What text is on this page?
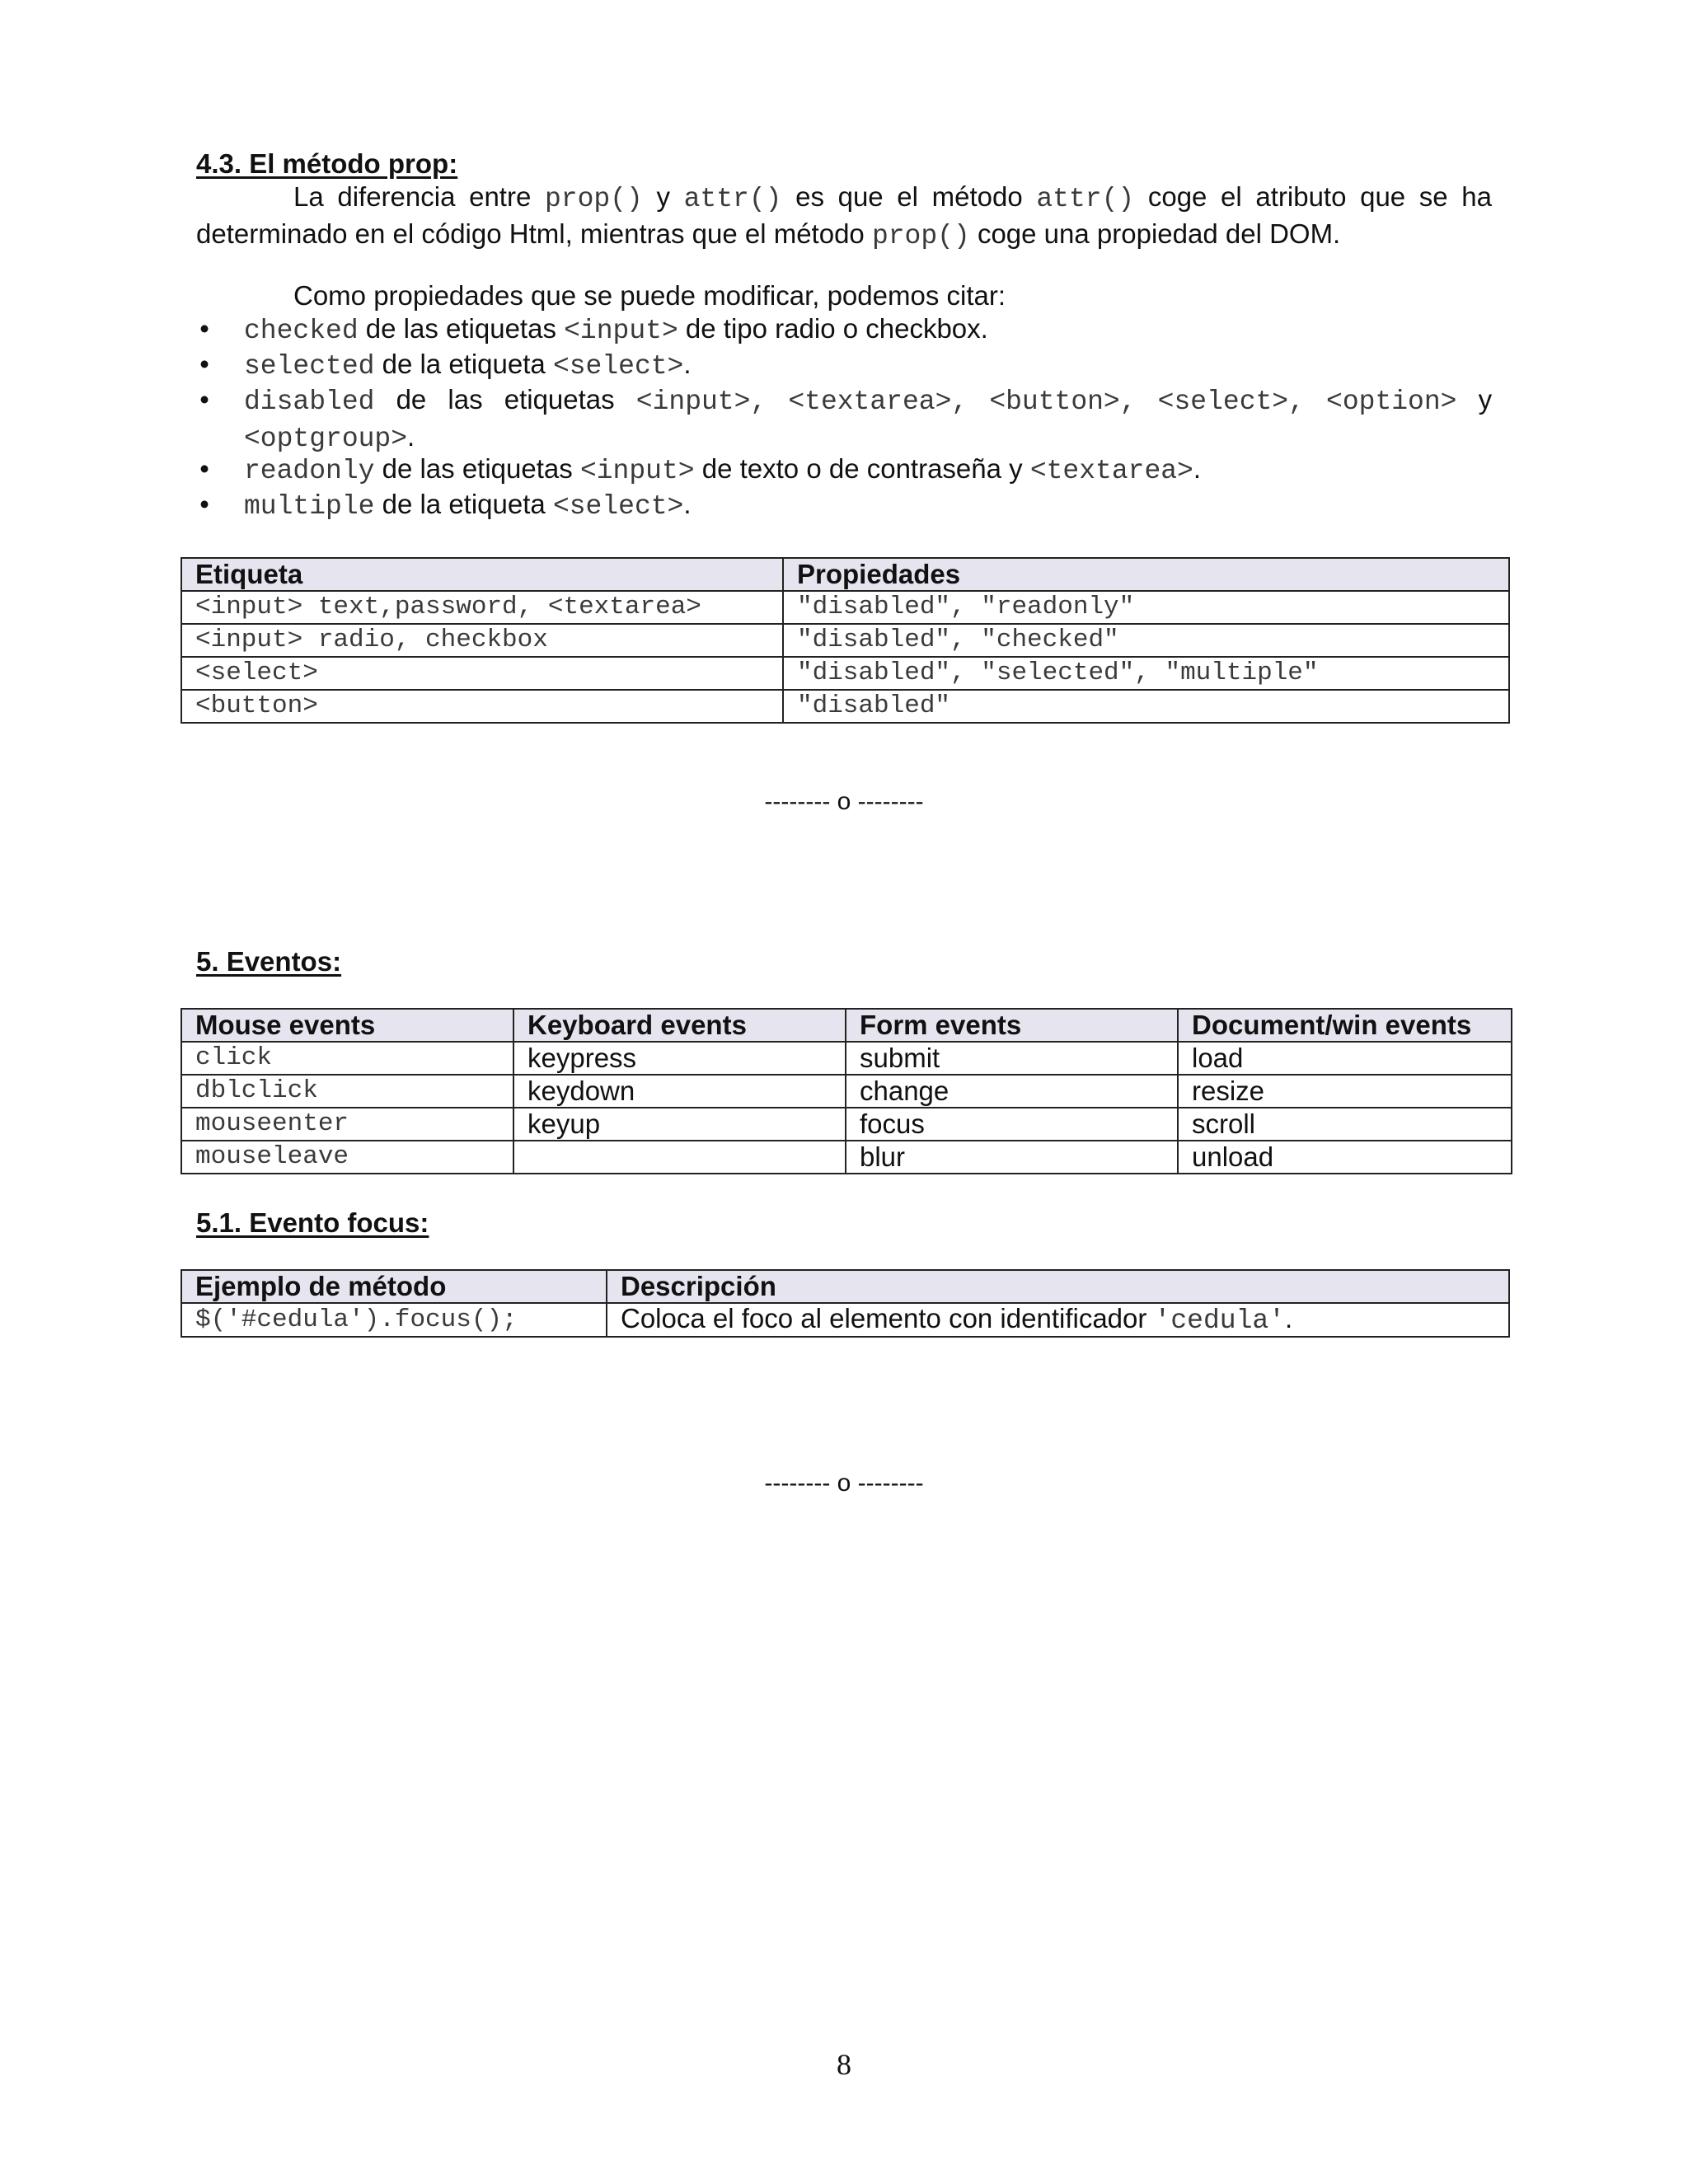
4.3. El método prop:
La diferencia entre prop() y attr() es que el método attr() coge el atributo que se ha
determinado en el código Html, mientras que el método prop() coge una propiedad del DOM.
Como propiedades que se puede modificar, podemos citar:
• checked de las etiquetas <input> de tipo radio o checkbox.
• selected de la etiqueta <select>.
• disabled de las etiquetas <input>, <textarea>, <button>, <select>, <option> y
<optgroup>.
• readonly de las etiquetas <input> de texto o de contraseña y <textarea>.
• multiple de la etiqueta <select>.
Etiqueta	Propiedades
<input> text,password, <textarea>	"disabled", "readonly"
<input> radio, checkbox	"disabled", "checked"
<select>	"disabled", "selected", "multiple"
<button>	"disabled"
-------- o --------
5. Eventos:
Mouse events	Keyboard events	Form events	Document/win events
click	keypress	submit	load
dblclick	keydown	change	resize
mouseenter	keyup	focus	scroll
mouseleave		blur	unload
5.1. Evento focus:
Ejemplo de método	Descripción
$('#cedula').focus();	Coloca el foco al elemento con identificador 'cedula'.
-------- o --------
8
